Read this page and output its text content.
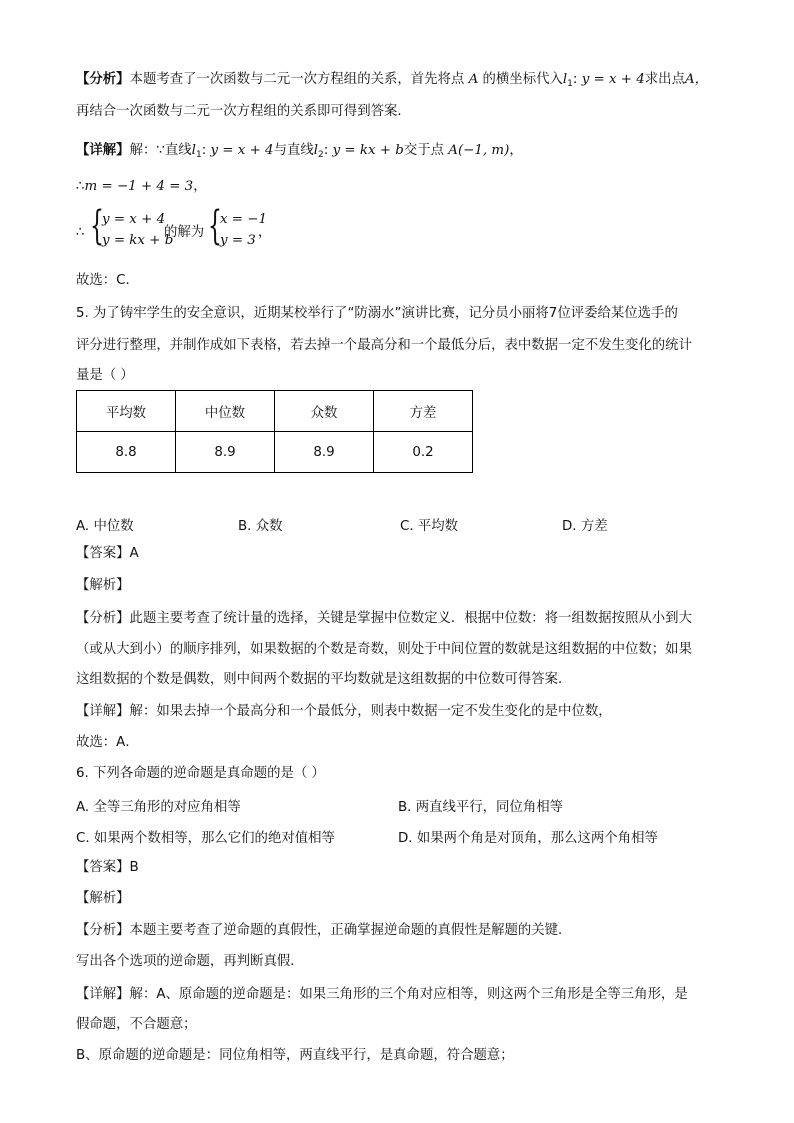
【分析】本题考查了一次函数与二元一次方程组的关系，首先将点 A 的横坐标代入$l_1$: y = x + 4求出点A，
再结合一次函数与二元一次方程组的关系即可得到答案．
【详解】解：∵直线$l_1$: y = x + 4与直线$l_2$: y = kx + b交于点 A(−1, m)，
∴m = −1 + 4 = 3，
∴ {
y = x + 4
y = kx + b
的解为 {
x = −1
y = 3
，
故选：C．
5. 为了铸牢学生的安全意识，近期某校举行了“防溺水”演讲比赛，记分员小丽将7位评委给某位选手的
评分进行整理，并制作成如下表格，若去掉一个最高分和一个最低分后，表中数据一定不发生变化的统计
量是（ ）
平均数	中位数	众数	方差
8.8	8.9	8.9	0.2
A. 中位数	B. 众数	C. 平均数	D. 方差
【答案】A
【解析】
【分析】此题主要考查了统计量的选择，关键是掌握中位数定义．根据中位数：将一组数据按照从小到大
（或从大到小）的顺序排列，如果数据的个数是奇数，则处于中间位置的数就是这组数据的中位数；如果
这组数据的个数是偶数，则中间两个数据的平均数就是这组数据的中位数可得答案．
【详解】解：如果去掉一个最高分和一个最低分，则表中数据一定不发生变化的是中位数，
故选：A．
6. 下列各命题的逆命题是真命题的是（ ）
A. 全等三角形的对应角相等	B. 两直线平行，同位角相等
C. 如果两个数相等，那么它们的绝对值相等	D. 如果两个角是对顶角，那么这两个角相等
【答案】B
【解析】
【分析】本题主要考查了逆命题的真假性，正确掌握逆命题的真假性是解题的关键．
写出各个选项的逆命题，再判断真假．
【详解】解：A、原命题的逆命题是：如果三角形的三个角对应相等，则这两个三角形是全等三角形，是
假命题，不合题意；
B、原命题的逆命题是：同位角相等，两直线平行，是真命题，符合题意；
